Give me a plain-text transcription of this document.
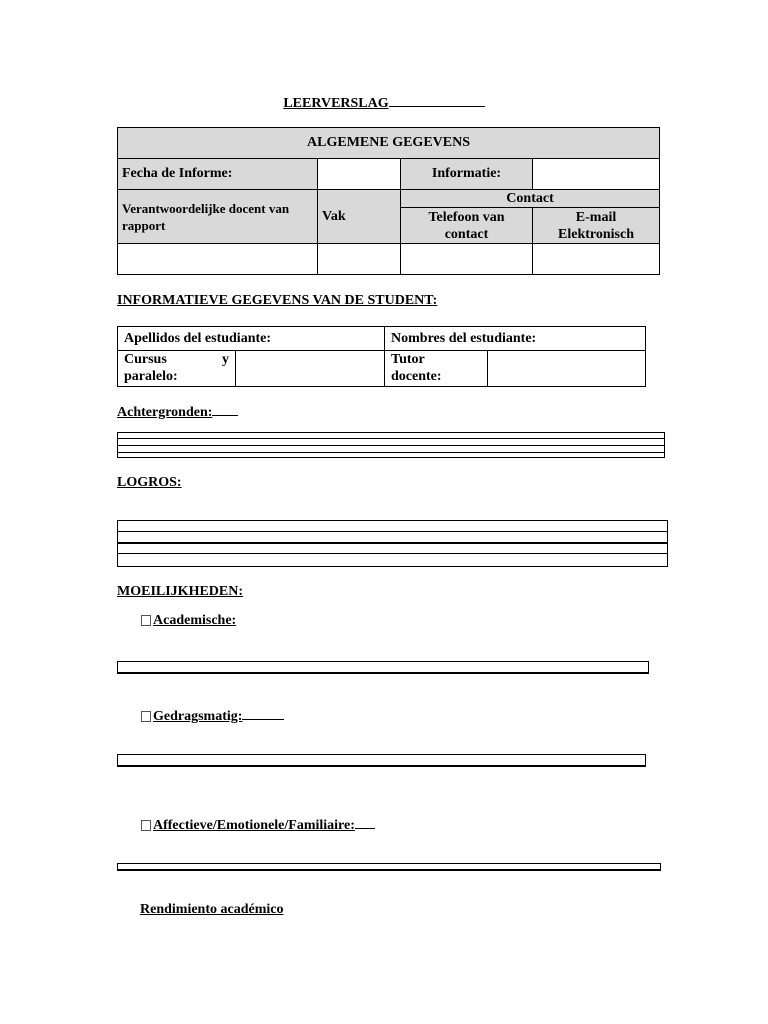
LEERVERSLAG
ALGEMENE GEGEVENS			
Fecha de Informe:		Informatie:	
Verantwoordelijke docent van rapport	Vak	Contact	
		Telefoon van contact	E-mail Elektronisch

INFORMATIEVE GEGEVENS VAN DE STUDENT:
Apellidos del estudiante:		Nombres del estudiante:	

Cursus y
paralelo:		Tutor docente:	

Achtergronden:
LOGROS:
MOEILIJKHEDEN:
Academische:
Gedragsmatig:
Affectieve/Emotionele/Familiaire:
Rendimiento académico
